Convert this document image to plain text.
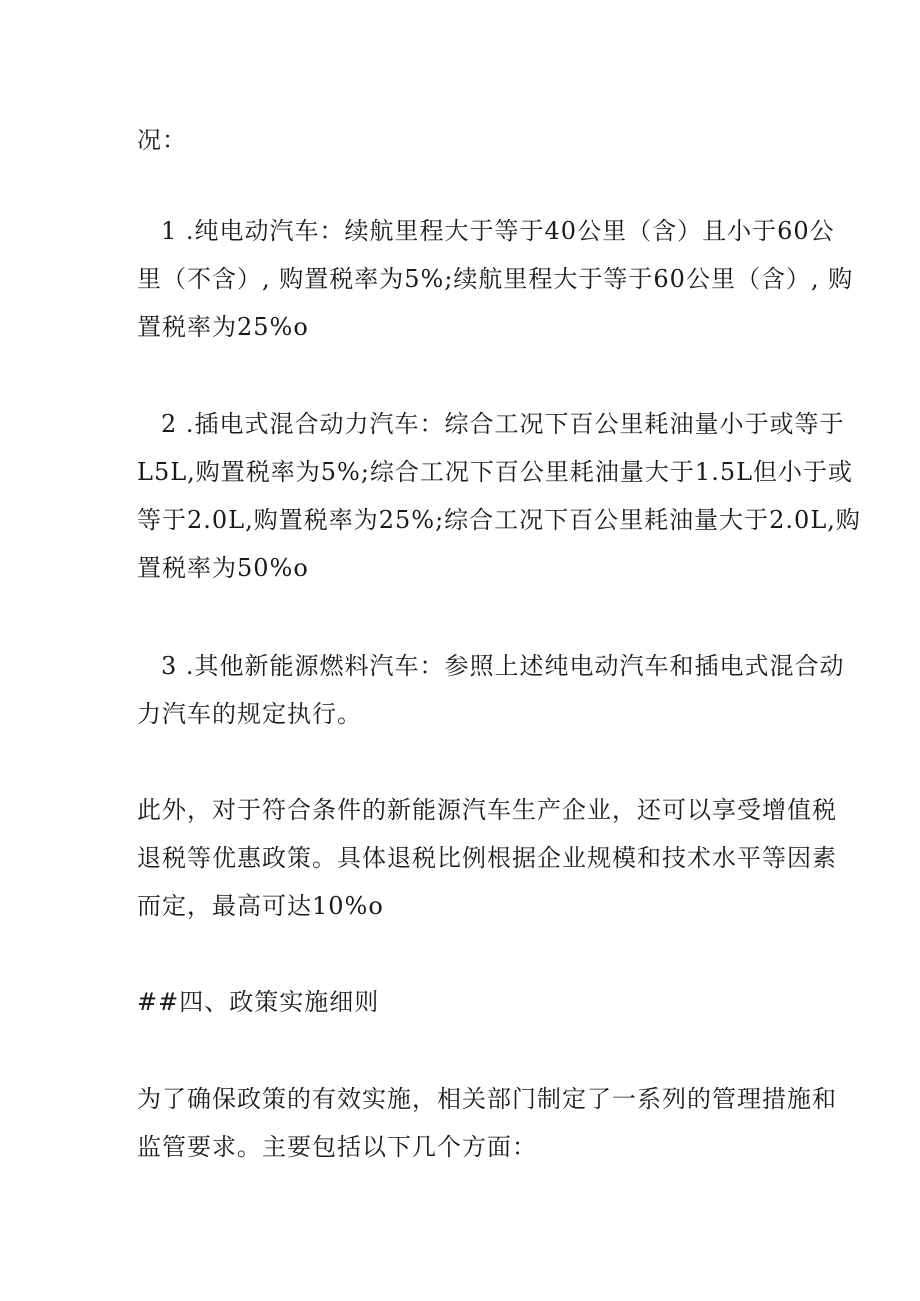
况：

1 .纯电动汽车：续航里程大于等于40公里（含）且小于60公
里（不含）, 购置税率为5%;续航里程大于等于60公里（含）, 购
置税率为25%o

2 .插电式混合动力汽车：综合工况下百公里耗油量小于或等于
L5L,购置税率为5%;综合工况下百公里耗油量大于1.5L但小于或
等于2.0L,购置税率为25%;综合工况下百公里耗油量大于2.0L,购
置税率为50%o

3 .其他新能源燃料汽车：参照上述纯电动汽车和插电式混合动
力汽车的规定执行。

此外，对于符合条件的新能源汽车生产企业，还可以享受增值税
退税等优惠政策。具体退税比例根据企业规模和技术水平等因素
而定，最高可达10%o

##四、政策实施细则

为了确保政策的有效实施，相关部门制定了一系列的管理措施和
监管要求。主要包括以下几个方面：
